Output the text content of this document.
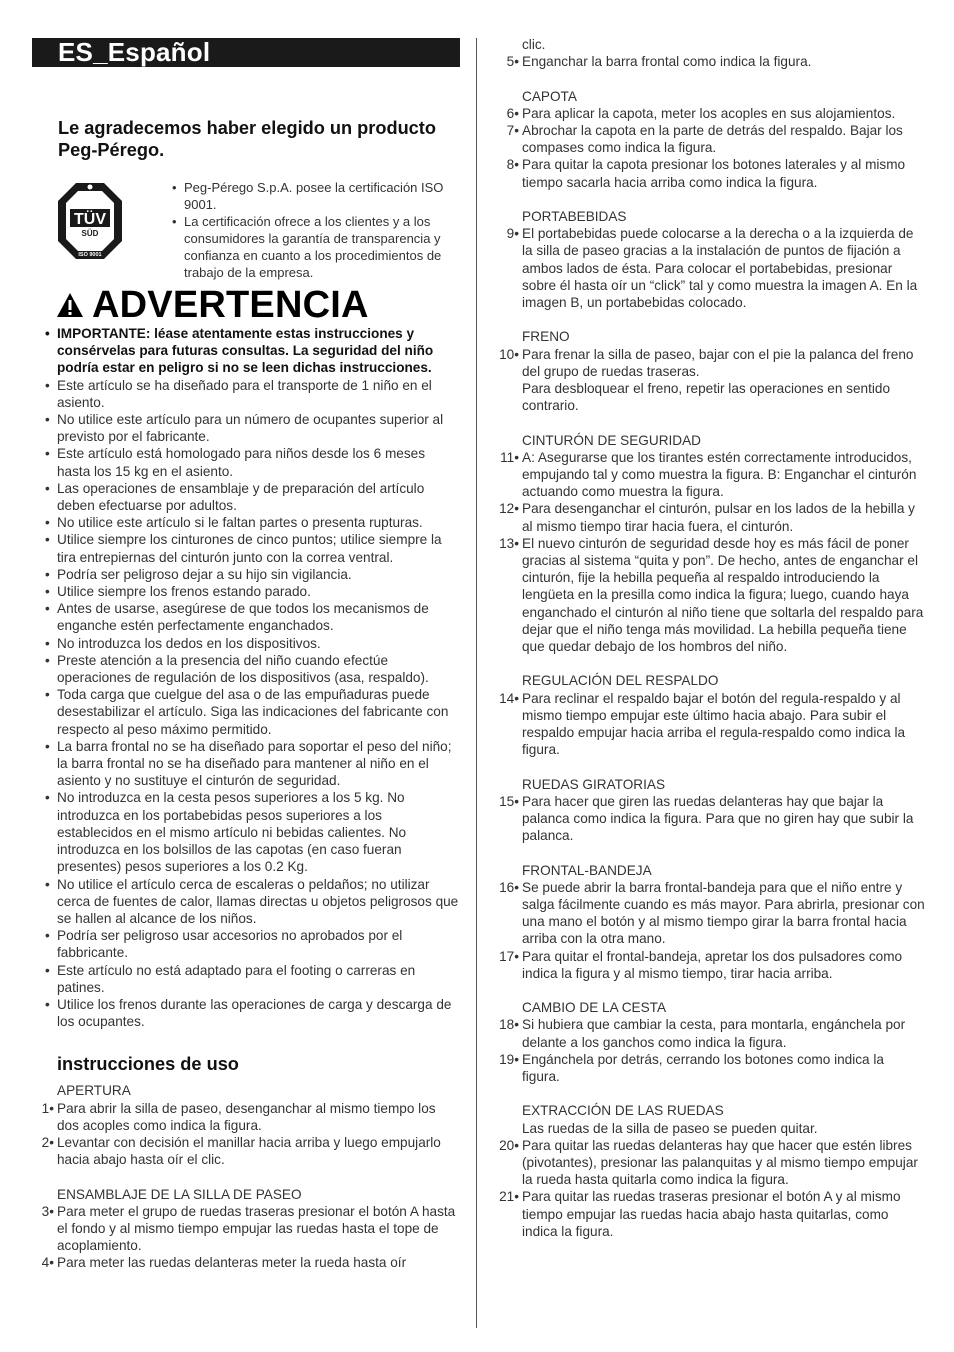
ES_Español
Le agradecemos haber elegido un producto Peg-Pérego.
TÜV
SÜD
ISO 9001
• Peg-Pérego S.p.A. posee la certificación ISO 9001.
• La certificación ofrece a los clientes y a los consumidores la garantía de transparencia y confianza en cuanto a los procedimientos de trabajo de la empresa.
ADVERTENCIA
• IMPORTANTE: léase atentamente estas instrucciones y consérvelas para futuras consultas. La seguridad del niño podría estar en peligro si no se leen dichas instrucciones.
• Este artículo se ha diseñado para el transporte de 1 niño en el asiento.
• No utilice este artículo para un número de ocupantes superior al previsto por el fabricante.
• Este artículo está homologado para niños desde los 6 meses hasta los 15 kg en el asiento.
• Las operaciones de ensamblaje y de preparación del artículo deben efectuarse por adultos.
• No utilice este artículo si le faltan partes o presenta rupturas.
• Utilice siempre los cinturones de cinco puntos; utilice siempre la tira entrepiernas del cinturón junto con la correa ventral.
• Podría ser peligroso dejar a su hijo sin vigilancia.
• Utilice siempre los frenos estando parado.
• Antes de usarse, asegúrese de que todos los mecanismos de enganche estén perfectamente enganchados.
• No introduzca los dedos en los dispositivos.
• Preste atención a la presencia del niño cuando efectúe operaciones de regulación de los dispositivos (asa, respaldo).
• Toda carga que cuelgue del asa o de las empuñaduras puede desestabilizar el artículo. Siga las indicaciones del fabricante con respecto al peso máximo permitido.
• La barra frontal no se ha diseñado para soportar el peso del niño; la barra frontal no se ha diseñado para mantener al niño en el asiento y no sustituye el cinturón de seguridad.
• No introduzca en la cesta pesos superiores a los 5 kg. No introduzca en los portabebidas pesos superiores a los establecidos en el mismo artículo ni bebidas calientes. No introduzca en los bolsillos de las capotas (en caso fueran presentes) pesos superiores a los 0.2 Kg.
• No utilice el artículo cerca de escaleras o peldaños; no utilizar cerca de fuentes de calor, llamas directas u objetos peligrosos que se hallen al alcance de los niños.
• Podría ser peligroso usar accesorios no aprobados por el fabbricante.
• Este artículo no está adaptado para el footing o carreras en patines.
• Utilice los frenos durante las operaciones de carga y descarga de los ocupantes.
instrucciones de uso
APERTURA
1• Para abrir la silla de paseo, desenganchar al mismo tiempo los dos acoples como indica la figura.
2• Levantar con decisión el manillar hacia arriba y luego empujarlo hacia abajo hasta oír el clic.
ENSAMBLAJE DE LA SILLA DE PASEO
3• Para meter el grupo de ruedas traseras presionar el botón A hasta el fondo y al mismo tiempo empujar las ruedas hasta el tope de acoplamiento.
4• Para meter las ruedas delanteras meter la rueda hasta oír
clic.
5• Enganchar la barra frontal como indica la figura.
CAPOTA
6• Para aplicar la capota, meter los acoples en sus alojamientos.
7• Abrochar la capota en la parte de detrás del respaldo. Bajar los compases como indica la figura.
8• Para quitar la capota presionar los botones laterales y al mismo tiempo sacarla hacia arriba como indica la figura.
PORTABEBIDAS
9• El portabebidas puede colocarse a la derecha o a la izquierda de la silla de paseo gracias a la instalación de puntos de fijación a ambos lados de ésta. Para colocar el portabebidas, presionar sobre él hasta oír un “click” tal y como muestra la imagen A. En la imagen B, un portabebidas colocado.
FRENO
10• Para frenar la silla de paseo, bajar con el pie la palanca del freno del grupo de ruedas traseras.
Para desbloquear el freno, repetir las operaciones en sentido contrario.
CINTURÓN DE SEGURIDAD
11• A: Asegurarse que los tirantes estén correctamente introducidos, empujando tal y como muestra la figura. B: Enganchar el cinturón actuando como muestra la figura.
12• Para desenganchar el cinturón, pulsar en los lados de la hebilla y al mismo tiempo tirar hacia fuera, el cinturón.
13• El nuevo cinturón de seguridad desde hoy es más fácil de poner gracias al sistema “quita y pon”. De hecho, antes de enganchar el cinturón, fije la hebilla pequeña al respaldo introduciendo la lengüeta en la presilla como indica la figura; luego, cuando haya enganchado el cinturón al niño tiene que soltarla del respaldo para dejar que el niño tenga más movilidad. La hebilla pequeña tiene que quedar debajo de los hombros del niño.
REGULACIÓN DEL RESPALDO
14• Para reclinar el respaldo bajar el botón del regula-respaldo y al mismo tiempo empujar este último hacia abajo. Para subir el respaldo empujar hacia arriba el regula-respaldo como indica la figura.
RUEDAS GIRATORIAS
15• Para hacer que giren las ruedas delanteras hay que bajar la palanca como indica la figura. Para que no giren hay que subir la palanca.
FRONTAL-BANDEJA
16• Se puede abrir la barra frontal-bandeja para que el niño entre y salga fácilmente cuando es más mayor. Para abrirla, presionar con una mano el botón y al mismo tiempo girar la barra frontal hacia arriba con la otra mano.
17• Para quitar el frontal-bandeja, apretar los dos pulsadores como indica la figura y al mismo tiempo, tirar hacia arriba.
CAMBIO DE LA CESTA
18• Si hubiera que cambiar la cesta, para montarla, engánchela por delante a los ganchos como indica la figura.
19• Engánchela por detrás, cerrando los botones como indica la figura.
EXTRACCIÓN DE LAS RUEDAS
Las ruedas de la silla de paseo se pueden quitar.
20• Para quitar las ruedas delanteras hay que hacer que estén libres (pivotantes), presionar las palanquitas y al mismo tiempo empujar la rueda hasta quitarla como indica la figura.
21• Para quitar las ruedas traseras presionar el botón A y al mismo tiempo empujar las ruedas hacia abajo hasta quitarlas, como indica la figura.
